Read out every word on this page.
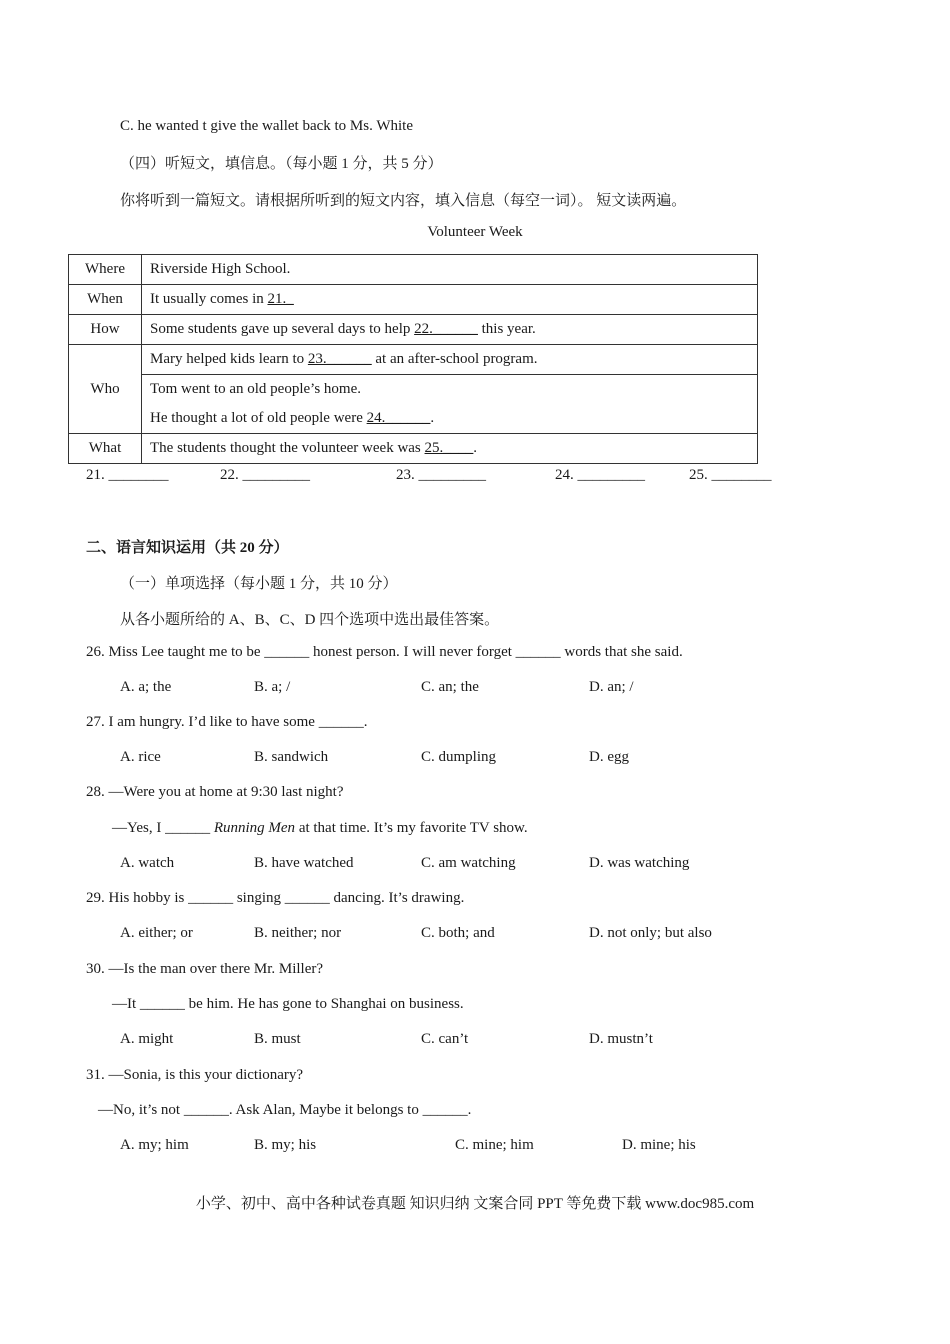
C. he wanted t give the wallet back to Ms. White
（四）听短文，填信息。（每小题 1 分，共 5 分）
你将听到一篇短文。请根据所听到的短文内容，填入信息（每空一词）。 短文读两遍。
Volunteer Week
Where	Riverside High School.
When	It usually comes in 21._
How	Some students gave up several days to help 22.______ this year.
Who	Mary helped kids learn to 23.______ at an after-school program.

	Tom went to an old people’s home.
He thought a lot of old people were 24.______.

What	The students thought the volunteer week was 25.____.
21. ________	22. _________	23. _________	24. _________	25. ________
二、语言知识运用（共 20 分）
（一）单项选择（每小题 1 分，共 10 分）
从各小题所给的 A、B、C、D 四个选项中选出最佳答案。
26. Miss Lee taught me to be ______ honest person. I will never forget ______ words that she said.
A. a; the	B. a; /	C. an; the	D. an; /
27. I am hungry. I’d like to have some ______.
A. rice	B. sandwich	C. dumpling	D. egg
28. —Were you at home at 9:30 last night?
—Yes, I ______ Running Men at that time. It’s my favorite TV show.
A. watch	B. have watched	C. am watching	D. was watching
29. His hobby is ______ singing ______ dancing. It’s drawing.
A. either; or	B. neither; nor	C. both; and	D. not only; but also
30. —Is the man over there Mr. Miller?
—It ______ be him. He has gone to Shanghai on business.
A. might	B. must	C. can’t	D. mustn’t
31. —Sonia, is this your dictionary?
—No, it’s not ______. Ask Alan, Maybe it belongs to ______.
A. my; him	B. my; his	C. mine; him	D. mine; his
小学、初中、高中各种试卷真题 知识归纳 文案合同 PPT 等免费下载 www.doc985.com
